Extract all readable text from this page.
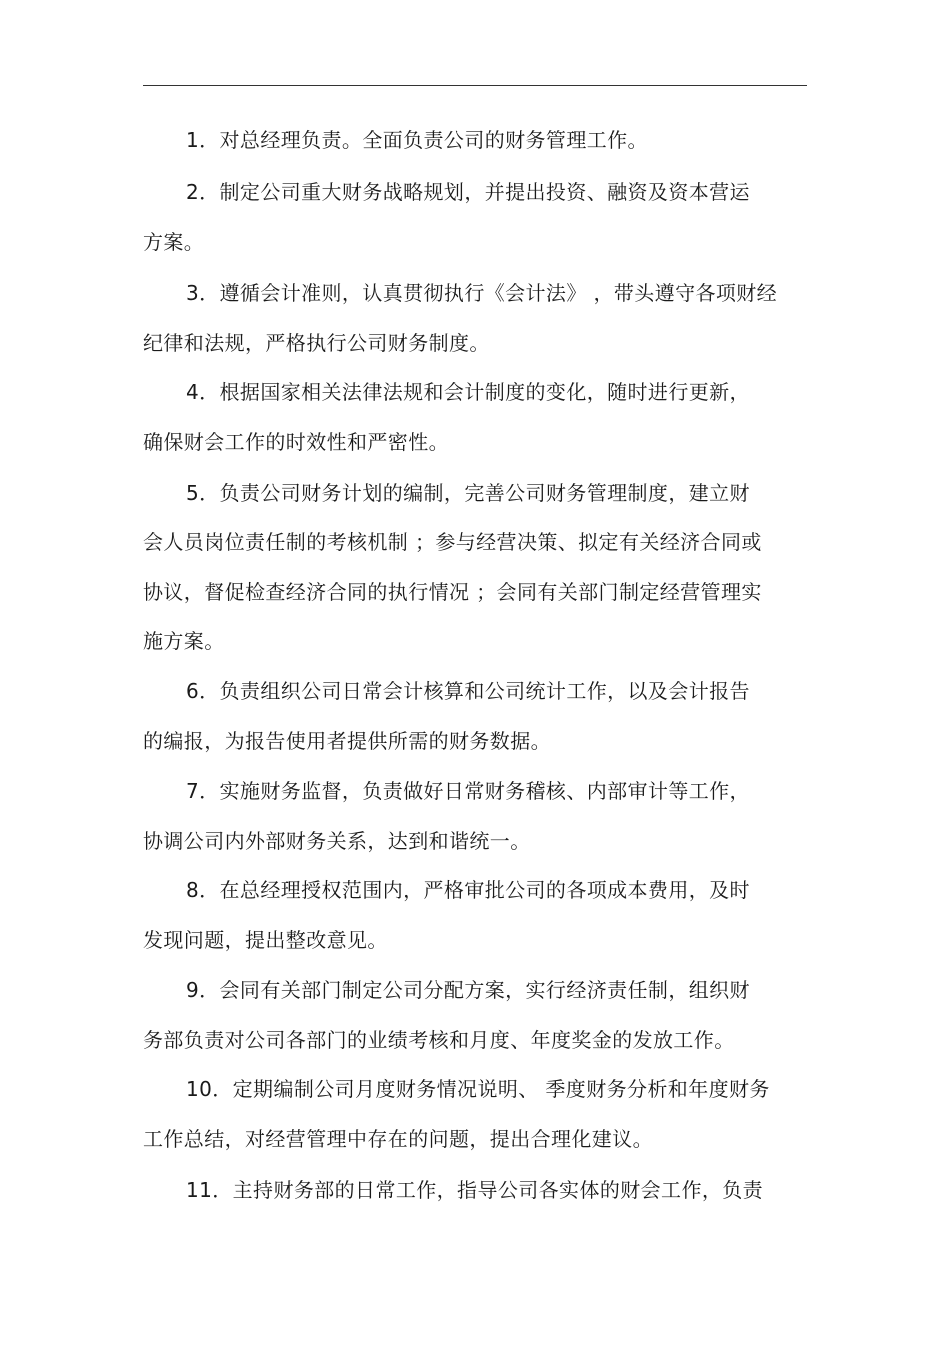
1．对总经理负责。全面负责公司的财务管理工作。
2．制定公司重大财务战略规划，并提出投资、融资及资本营运
方案。
3．遵循会计准则，认真贯彻执行《会计法》 ，带头遵守各项财经
纪律和法规，严格执行公司财务制度。
4．根据国家相关法律法规和会计制度的变化，随时进行更新，
确保财会工作的时效性和严密性。
5．负责公司财务计划的编制，完善公司财务管理制度，建立财
会人员岗位责任制的考核机制 ；参与经营决策、拟定有关经济合同或
协议，督促检查经济合同的执行情况 ；会同有关部门制定经营管理实
施方案。
6．负责组织公司日常会计核算和公司统计工作，以及会计报告
的编报，为报告使用者提供所需的财务数据。
7．实施财务监督，负责做好日常财务稽核、内部审计等工作，
协调公司内外部财务关系，达到和谐统一。
8．在总经理授权范围内，严格审批公司的各项成本费用，及时
发现问题，提出整改意见。
9．会同有关部门制定公司分配方案，实行经济责任制，组织财
务部负责对公司各部门的业绩考核和月度、年度奖金的发放工作。
10．定期编制公司月度财务情况说明、 季度财务分析和年度财务
工作总结，对经营管理中存在的问题，提出合理化建议。
11．主持财务部的日常工作，指导公司各实体的财会工作，负责
